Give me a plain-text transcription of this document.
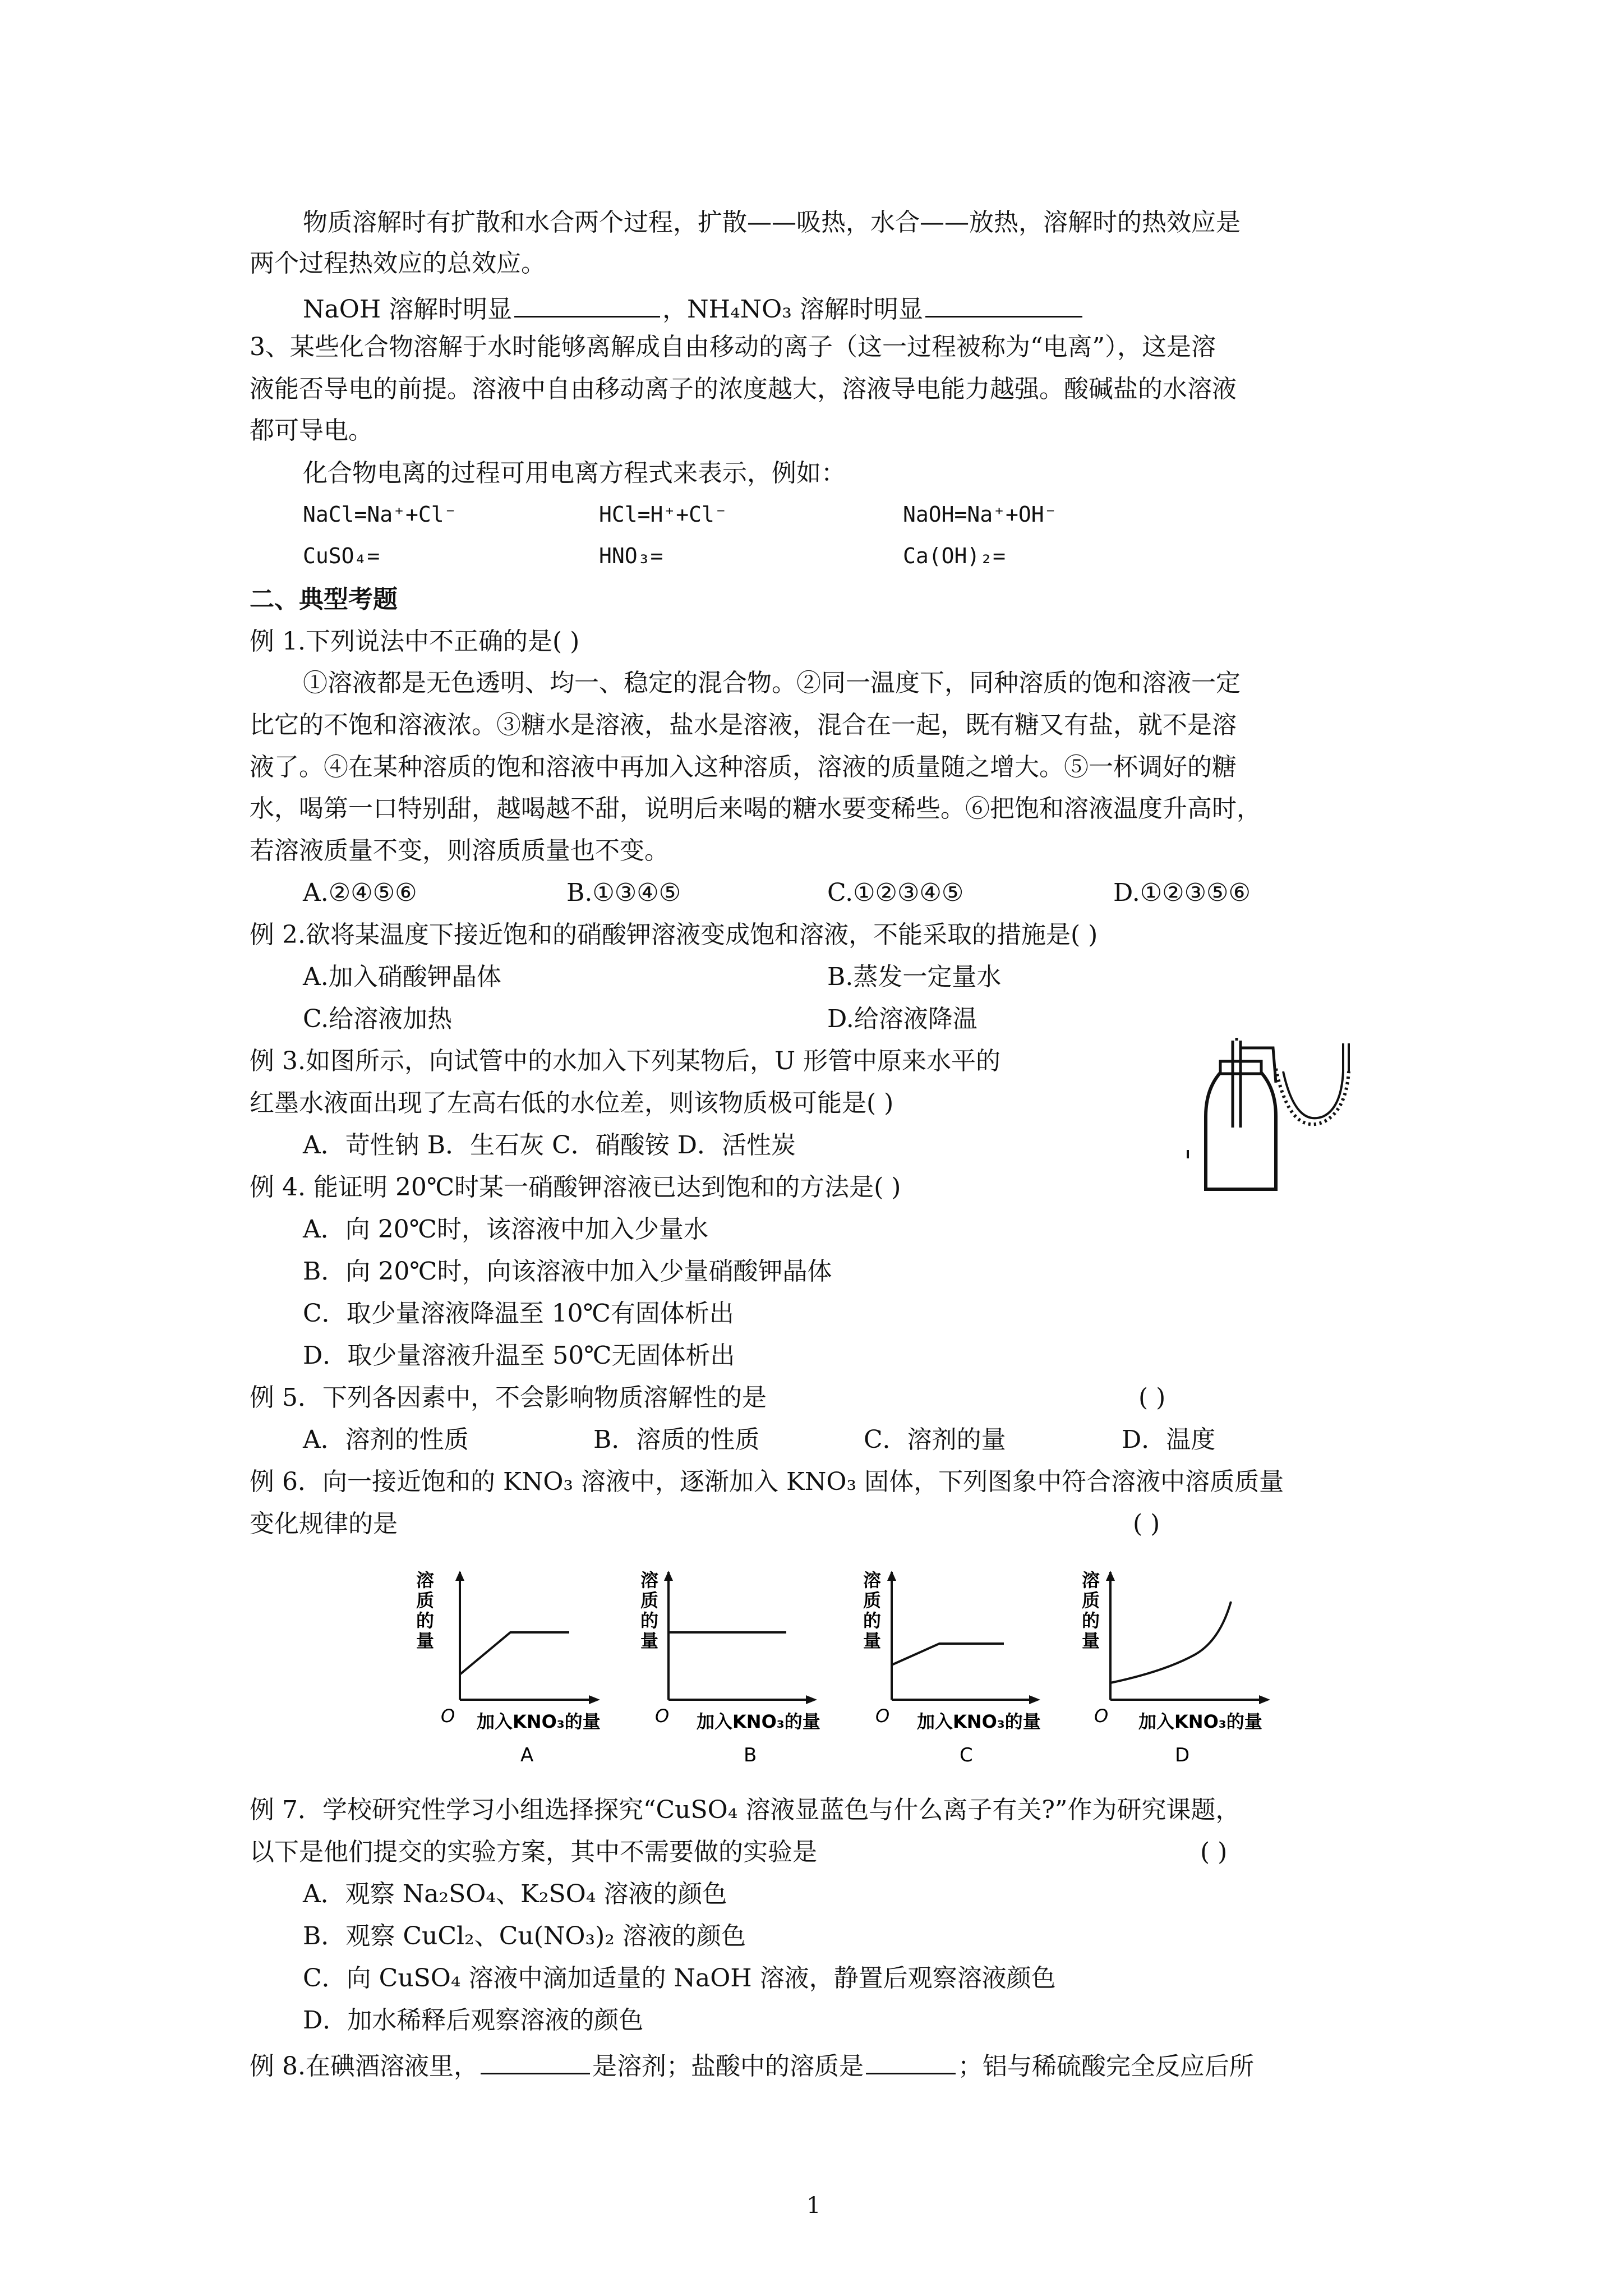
物质溶解时有扩散和水合两个过程，扩散——吸热，水合——放热，溶解时的热效应是
两个过程热效应的总效应。
NaOH 溶解时明显	，NH₄NO₃ 溶解时明显
3、某些化合物溶解于水时能够离解成自由移动的离子（这一过程被称为“电离”），这是溶
液能否导电的前提。溶液中自由移动离子的浓度越大，溶液导电能力越强。酸碱盐的水溶液
都可导电。
化合物电离的过程可用电离方程式来表示，例如：
NaCl=Na⁺+Cl⁻	HCl=H⁺+Cl⁻	NaOH=Na⁺+OH⁻
CuSO₄=	HNO₃=	Ca(OH)₂=
二、典型考题
例 1.下列说法中不正确的是( )
①溶液都是无色透明、均一、稳定的混合物。②同一温度下，同种溶质的饱和溶液一定
比它的不饱和溶液浓。③糖水是溶液，盐水是溶液，混合在一起，既有糖又有盐，就不是溶
液了。④在某种溶质的饱和溶液中再加入这种溶质，溶液的质量随之增大。⑤一杯调好的糖
水，喝第一口特别甜，越喝越不甜，说明后来喝的糖水要变稀些。⑥把饱和溶液温度升高时，
若溶液质量不变，则溶质质量也不变。
A.②④⑤⑥	B.①③④⑤	C.①②③④⑤	D.①②③⑤⑥
例 2.欲将某温度下接近饱和的硝酸钾溶液变成饱和溶液，不能采取的措施是( )
A.加入硝酸钾晶体	B.蒸发一定量水
C.给溶液加热	D.给溶液降温
例 3.如图所示，向试管中的水加入下列某物后，U 形管中原来水平的
红墨水液面出现了左高右低的水位差，则该物质极可能是( )
A．苛性钠 B．生石灰 C．硝酸铵 D．活性炭
例 4. 能证明 20℃时某一硝酸钾溶液已达到饱和的方法是( )
A．向 20℃时，该溶液中加入少量水
B．向 20℃时，向该溶液中加入少量硝酸钾晶体
C．取少量溶液降温至 10℃有固体析出
D．取少量溶液升温至 50℃无固体析出
例 5．下列各因素中，不会影响物质溶解性的是	( )
A．溶剂的性质	B．溶质的性质	C．溶剂的量	D．温度
例 6．向一接近饱和的 KNO₃ 溶液中，逐渐加入 KNO₃ 固体，下列图象中符合溶液中溶质质量
变化规律的是	( )
溶
质
的
量
O 加入KNO₃的量
A
溶
质
的
量
O 加入KNO₃的量
B
溶
质
的
量
O 加入KNO₃的量
C
溶
质
的
量
O 加入KNO₃的量
D
例 7．学校研究性学习小组选择探究“CuSO₄ 溶液显蓝色与什么离子有关?”作为研究课题，
以下是他们提交的实验方案，其中不需要做的实验是	( )
A．观察 Na₂SO₄、K₂SO₄ 溶液的颜色
B．观察 CuCl₂、Cu(NO₃)₂ 溶液的颜色
C．向 CuSO₄ 溶液中滴加适量的 NaOH 溶液，静置后观察溶液颜色
D．加水稀释后观察溶液的颜色
例 8.在碘酒溶液里，	是溶剂；盐酸中的溶质是	；铝与稀硫酸完全反应后所
1
